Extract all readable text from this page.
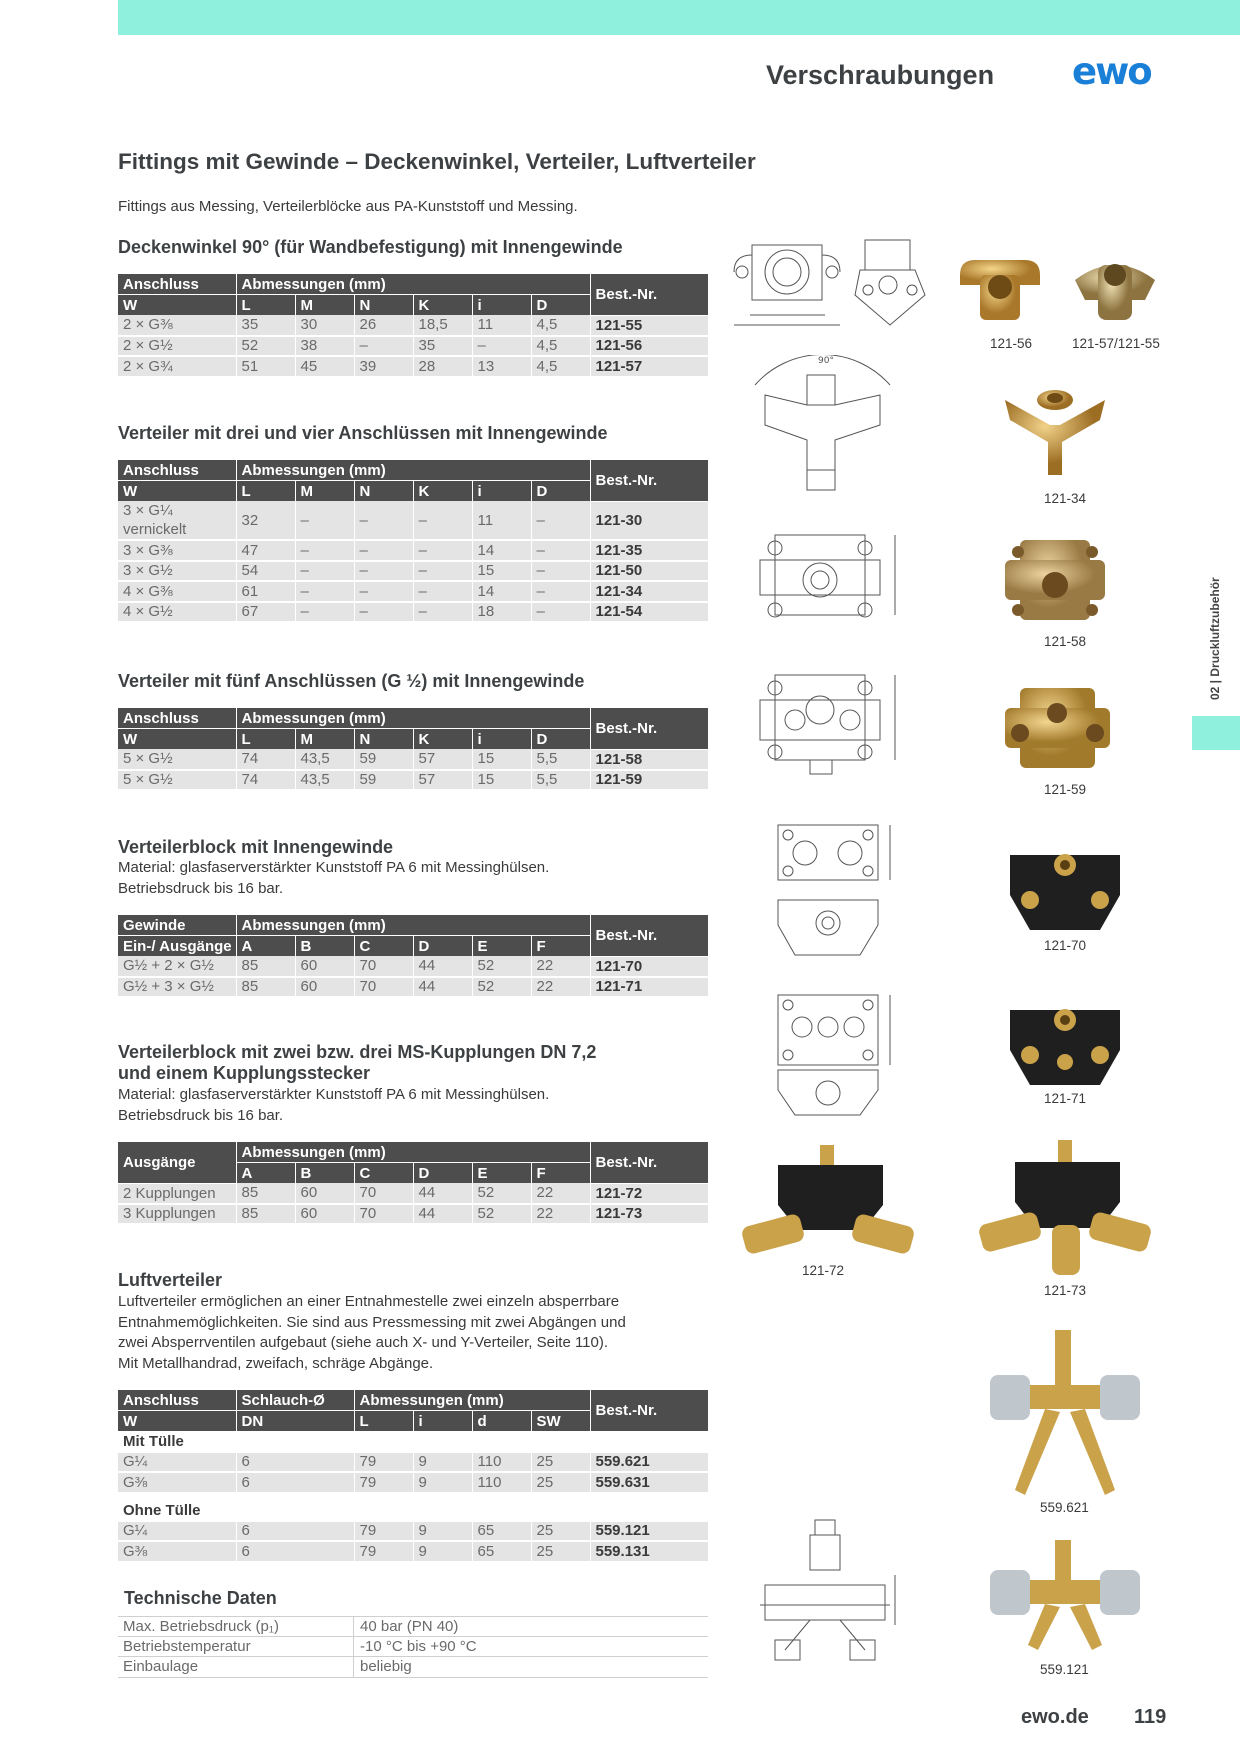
Verschraubungen ewo
02 | Druckluftzubehör
Fittings mit Gewinde – Deckenwinkel, Verteiler, Luftverteiler
Fittings aus Messing, Verteilerblöcke aus PA-Kunststoff und Messing.
Deckenwinkel 90° (für Wandbefestigung) mit Innengewinde
Anschluss	Abmessungen (mm)						Best.-Nr.
W	L	M	N	K	i	D	
2 × G⅜	35	30	26	18,5	11	4,5	121-55
2 × G½	52	38	–	35	–	4,5	121-56
2 × G¾	51	45	39	28	13	4,5	121-57
Verteiler mit drei und vier Anschlüssen mit Innengewinde
Anschluss	Abmessungen (mm)						Best.-Nr.
W	L	M	N	K	i	D	
3 × G¼ vernickelt	32	–	–	–	11	–	121-30
3 × G⅜	47	–	–	–	14	–	121-35
3 × G½	54	–	–	–	15	–	121-50
4 × G⅜	61	–	–	–	14	–	121-34
4 × G½	67	–	–	–	18	–	121-54
Verteiler mit fünf Anschlüssen (G ½) mit Innengewinde
Anschluss	Abmessungen (mm)						Best.-Nr.
W	L	M	N	K	i	D	
5 × G½	74	43,5	59	57	15	5,5	121-58
5 × G½	74	43,5	59	57	15	5,5	121-59
Verteilerblock mit Innengewinde
Material: glasfaserverstärkter Kunststoff PA 6 mit Messinghülsen.
Betriebsdruck bis 16 bar.
Gewinde	Abmessungen (mm)						Best.-Nr.
Ein-/ Ausgänge	A	B	C	D	E	F	
G½ + 2 × G½	85	60	70	44	52	22	121-70
G½ + 3 × G½	85	60	70	44	52	22	121-71
Verteilerblock mit zwei bzw. drei MS-Kupplungen DN 7,2
und einem Kupplungsstecker
Material: glasfaserverstärkter Kunststoff PA 6 mit Messinghülsen.
Betriebsdruck bis 16 bar.
Ausgänge	Abmessungen (mm)						Best.-Nr.
	A	B	C	D	E	F	
2 Kupplungen	85	60	70	44	52	22	121-72
3 Kupplungen	85	60	70	44	52	22	121-73
Luftverteiler
Luftverteiler ermöglichen an einer Entnahmestelle zwei einzeln absperrbare
Entnahmemöglichkeiten. Sie sind aus Pressmessing mit zwei Abgängen und
zwei Absperrventilen aufgebaut (siehe auch X- und Y-Verteiler, Seite 110).
Mit Metallhandrad, zweifach, schräge Abgänge.
Anschluss	Schlauch-Ø	Abmessungen (mm)				Best.-Nr.
W	DN	L	i	d	SW	
Mit Tülle						
G¼	6	79	9	110	25	559.621
G⅜	6	79	9	110	25	559.631
Ohne Tülle						
G¼	6	79	9	65	25	559.121
G⅜	6	79	9	65	25	559.131
Technische Daten
Max. Betriebsdruck (p₁)	40 bar (PN 40)
Betriebstemperatur	-10 °C bis +90 °C
Einbaulage	beliebig
90°
121-56	121-57/121-55
121-34
121-58
121-59
121-70
121-71
121-72
121-73
559.621
559.121
ewo.de 119
